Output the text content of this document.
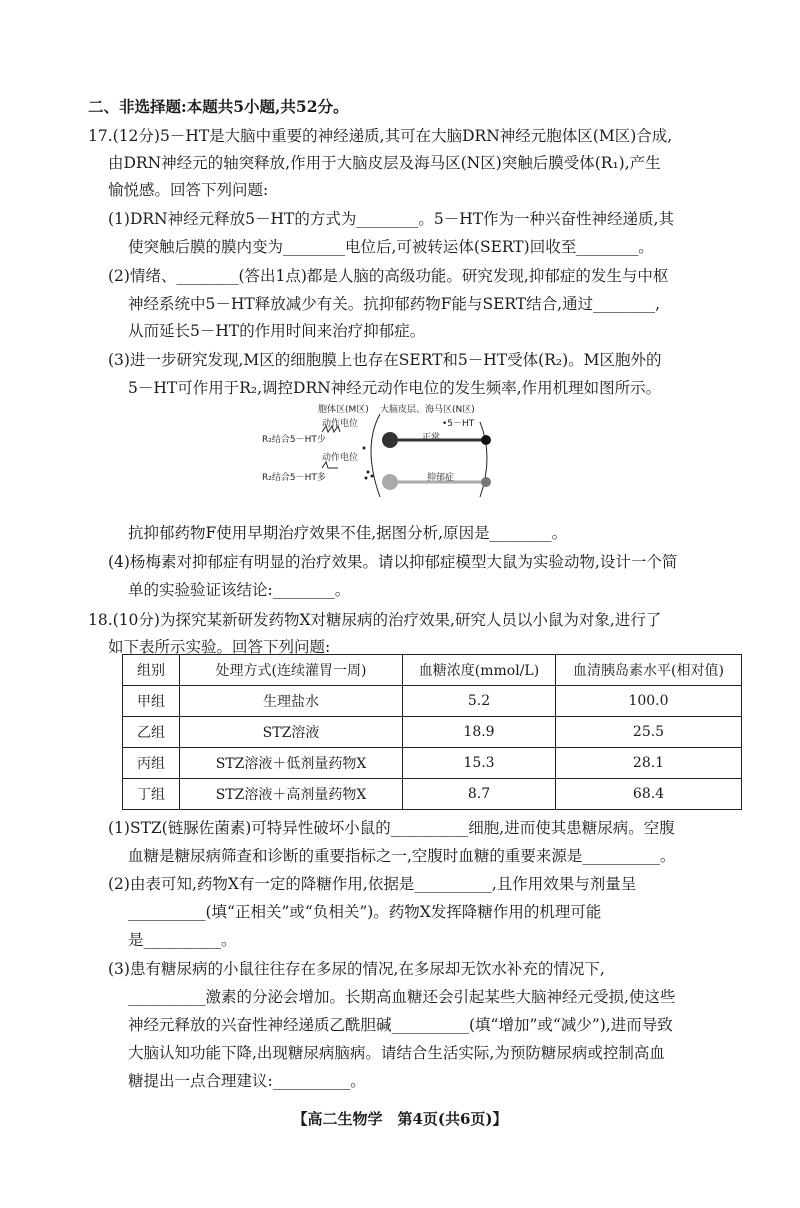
二、非选择题:本题共5小题,共52分。
17.(12分)5－HT是大脑中重要的神经递质,其可在大脑DRN神经元胞体区(M区)合成,
由DRN神经元的轴突释放,作用于大脑皮层及海马区(N区)突触后膜受体(R₁),产生
愉悦感。回答下列问题:
(1)DRN神经元释放5－HT的方式为________。5－HT作为一种兴奋性神经递质,其
使突触后膜的膜内变为________电位后,可被转运体(SERT)回收至________。
(2)情绪、________(答出1点)都是人脑的高级功能。研究发现,抑郁症的发生与中枢
神经系统中5－HT释放减少有关。抗抑郁药物F能与SERT结合,通过________,
从而延长5－HT的作用时间来治疗抑郁症。
(3)进一步研究发现,M区的细胞膜上也存在SERT和5－HT受体(R₂)。M区胞外的
5－HT可作用于R₂,调控DRN神经元动作电位的发生频率,作用机理如图所示。
胞体区(M区) 大脑皮层、海马区(N区)
动作电位	•5－HT
R₂结合5－HT少	正常
动作电位
R₂结合5－HT多	抑郁症
抗抑郁药物F使用早期治疗效果不佳,据图分析,原因是________。
(4)杨梅素对抑郁症有明显的治疗效果。请以抑郁症模型大鼠为实验动物,设计一个简
单的实验验证该结论:________。
18.(10分)为探究某新研发药物X对糖尿病的治疗效果,研究人员以小鼠为对象,进行了
如下表所示实验。回答下列问题:
组别	处理方式(连续灌胃一周)	血糖浓度(mmol/L)	血清胰岛素水平(相对值)
甲组	生理盐水	5.2	100.0
乙组	STZ溶液	18.9	25.5
丙组	STZ溶液＋低剂量药物X	15.3	28.1
丁组	STZ溶液＋高剂量药物X	8.7	68.4
(1)STZ(链脲佐菌素)可特异性破坏小鼠的__________细胞,进而使其患糖尿病。空腹
血糖是糖尿病筛查和诊断的重要指标之一,空腹时血糖的重要来源是__________。
(2)由表可知,药物X有一定的降糖作用,依据是__________,且作用效果与剂量呈
__________(填“正相关”或“负相关”)。药物X发挥降糖作用的机理可能
是__________。
(3)患有糖尿病的小鼠往往存在多尿的情况,在多尿却无饮水补充的情况下,
__________激素的分泌会增加。长期高血糖还会引起某些大脑神经元受损,使这些
神经元释放的兴奋性神经递质乙酰胆碱__________(填“增加”或“减少”),进而导致
大脑认知功能下降,出现糖尿病脑病。请结合生活实际,为预防糖尿病或控制高血
糖提出一点合理建议:__________。
【高二生物学　第4页(共6页)】
